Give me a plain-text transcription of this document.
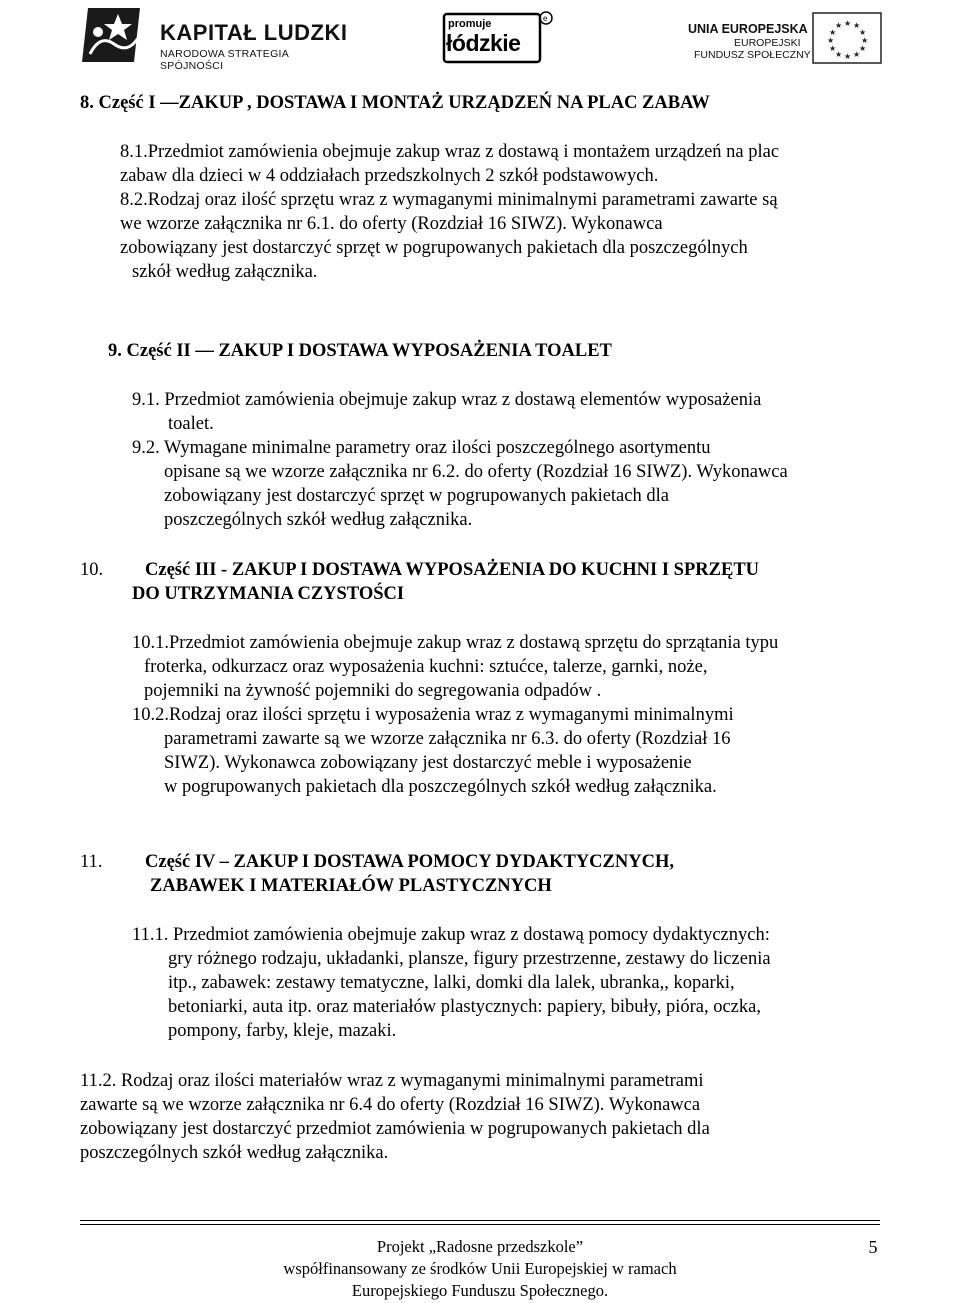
KAPITAŁ LUDZKI
NARODOWA STRATEGIA SPÓJNOŚCI
e
promuje
łódzkie
UNIA EUROPEJSKA
EUROPEJSKI
FUNDUSZ SPOŁECZNY
★ ★
★
★
★
★
★
★
★
★
★
★
8. Część I —ZAKUP , DOSTAWA I MONTAŻ URZĄDZEŃ NA PLAC ZABAW
8.1.Przedmiot zamówienia obejmuje zakup wraz z dostawą i montażem urządzeń na plac
zabaw dla dzieci w 4 oddziałach przedszkolnych 2 szkół podstawowych.
8.2.Rodzaj oraz ilość sprzętu wraz z wymaganymi minimalnymi parametrami zawarte są
we wzorze załącznika nr 6.1. do oferty (Rozdział 16 SIWZ). Wykonawca
zobowiązany jest dostarczyć sprzęt w pogrupowanych pakietach dla poszczególnych
szkół według załącznika.
9. Część II — ZAKUP I DOSTAWA WYPOSAŻENIA TOALET
9.1. Przedmiot zamówienia obejmuje zakup wraz z dostawą elementów wyposażenia
toalet.
9.2. Wymagane minimalne parametry oraz ilości poszczególnego asortymentu
opisane są we wzorze załącznika nr 6.2. do oferty (Rozdział 16 SIWZ). Wykonawca
zobowiązany jest dostarczyć sprzęt w pogrupowanych pakietach dla
poszczególnych szkół według załącznika.
10. Część III - ZAKUP I DOSTAWA WYPOSAŻENIA DO KUCHNI I SPRZĘTU
DO UTRZYMANIA CZYSTOŚCI
10.1.Przedmiot zamówienia obejmuje zakup wraz z dostawą sprzętu do sprzątania typu
froterka, odkurzacz oraz wyposażenia kuchni: sztućce, talerze, garnki, noże,
pojemniki na żywność pojemniki do segregowania odpadów .
10.2.Rodzaj oraz ilości sprzętu i wyposażenia wraz z wymaganymi minimalnymi
parametrami zawarte są we wzorze załącznika nr 6.3. do oferty (Rozdział 16
SIWZ). Wykonawca zobowiązany jest dostarczyć meble i wyposażenie
w pogrupowanych pakietach dla poszczególnych szkół według załącznika.
11. Część IV – ZAKUP I DOSTAWA POMOCY DYDAKTYCZNYCH,
ZABAWEK I MATERIAŁÓW PLASTYCZNYCH
11.1. Przedmiot zamówienia obejmuje zakup wraz z dostawą pomocy dydaktycznych:
gry różnego rodzaju, układanki, plansze, figury przestrzenne, zestawy do liczenia
itp., zabawek: zestawy tematyczne, lalki, domki dla lalek, ubranka,, koparki,
betoniarki, auta itp. oraz materiałów plastycznych: papiery, bibuły, pióra, oczka,
pompony, farby, kleje, mazaki.
11.2. Rodzaj oraz ilości materiałów wraz z wymaganymi minimalnymi parametrami
zawarte są we wzorze załącznika nr 6.4 do oferty (Rozdział 16 SIWZ). Wykonawca
zobowiązany jest dostarczyć przedmiot zamówienia w pogrupowanych pakietach dla
poszczególnych szkół według załącznika.
Projekt „Radosne przedszkole”
współfinansowany ze środków Unii Europejskiej w ramach
Europejskiego Funduszu Społecznego.
5
